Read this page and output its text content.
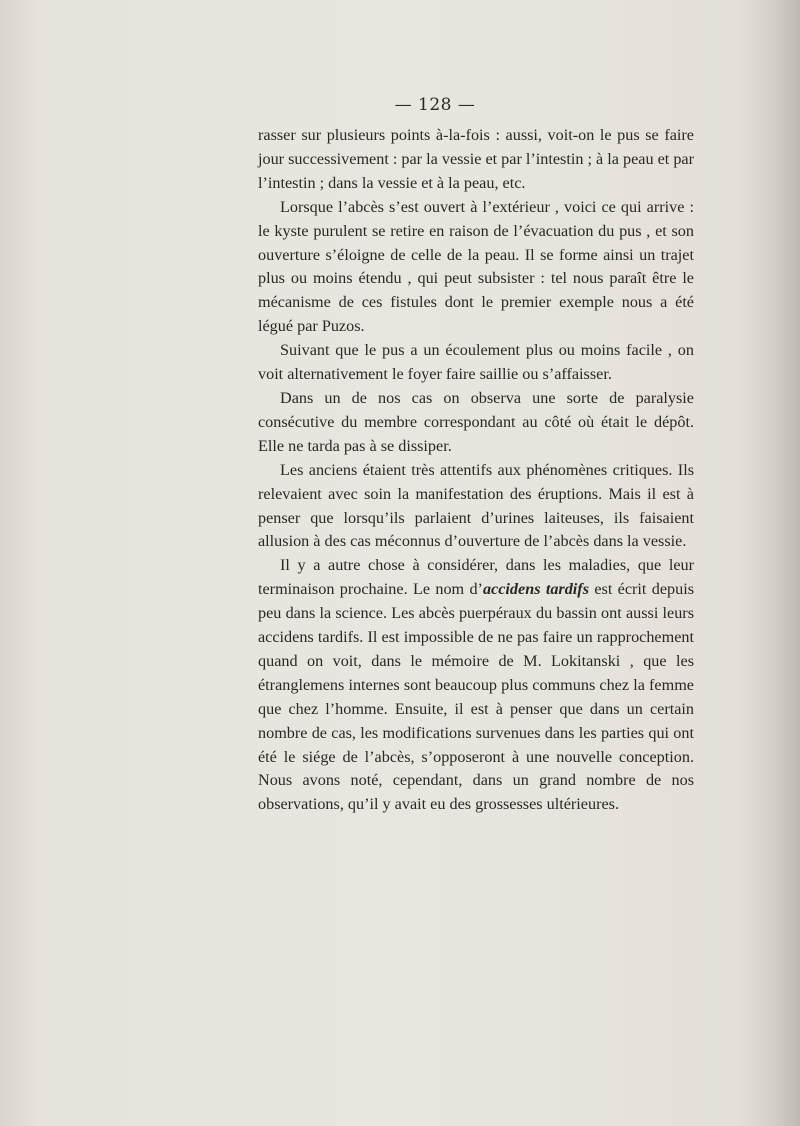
— 128 —

rasser sur plusieurs points à-la-fois : aussi, voit-on le pus se faire jour successivement : par la vessie et par l’intestin ; à la peau et par l’intestin ; dans la vessie et à la peau, etc.

Lorsque l’abcès s’est ouvert à l’extérieur , voici ce qui arrive : le kyste purulent se retire en raison de l’évacuation du pus , et son ouverture s’éloigne de celle de la peau. Il se forme ainsi un trajet plus ou moins étendu , qui peut subsister : tel nous paraît être le mécanisme de ces fistules dont le premier exemple nous a été légué par Puzos.

Suivant que le pus a un écoulement plus ou moins facile , on voit alternativement le foyer faire saillie ou s’affaisser.

Dans un de nos cas on observa une sorte de paralysie consécutive du membre correspondant au côté où était le dépôt. Elle ne tarda pas à se dissiper.

Les anciens étaient très attentifs aux phénomènes critiques. Ils relevaient avec soin la manifestation des éruptions. Mais il est à penser que lorsqu’ils parlaient d’urines laiteuses, ils faisaient allusion à des cas méconnus d’ouverture de l’abcès dans la vessie.

Il y a autre chose à considérer, dans les maladies, que leur terminaison prochaine. Le nom d’accidens tardifs est écrit depuis peu dans la science. Les abcès puerpéraux du bassin ont aussi leurs accidens tardifs. Il est impossible de ne pas faire un rapprochement quand on voit, dans le mémoire de M. Lokitanski , que les étranglemens internes sont beaucoup plus communs chez la femme que chez l’homme. Ensuite, il est à penser que dans un certain nombre de cas, les modifications survenues dans les parties qui ont été le siége de l’abcès, s’opposeront à une nouvelle conception. Nous avons noté, cependant, dans un grand nombre de nos observations, qu’il y avait eu des grossesses ultérieures.
